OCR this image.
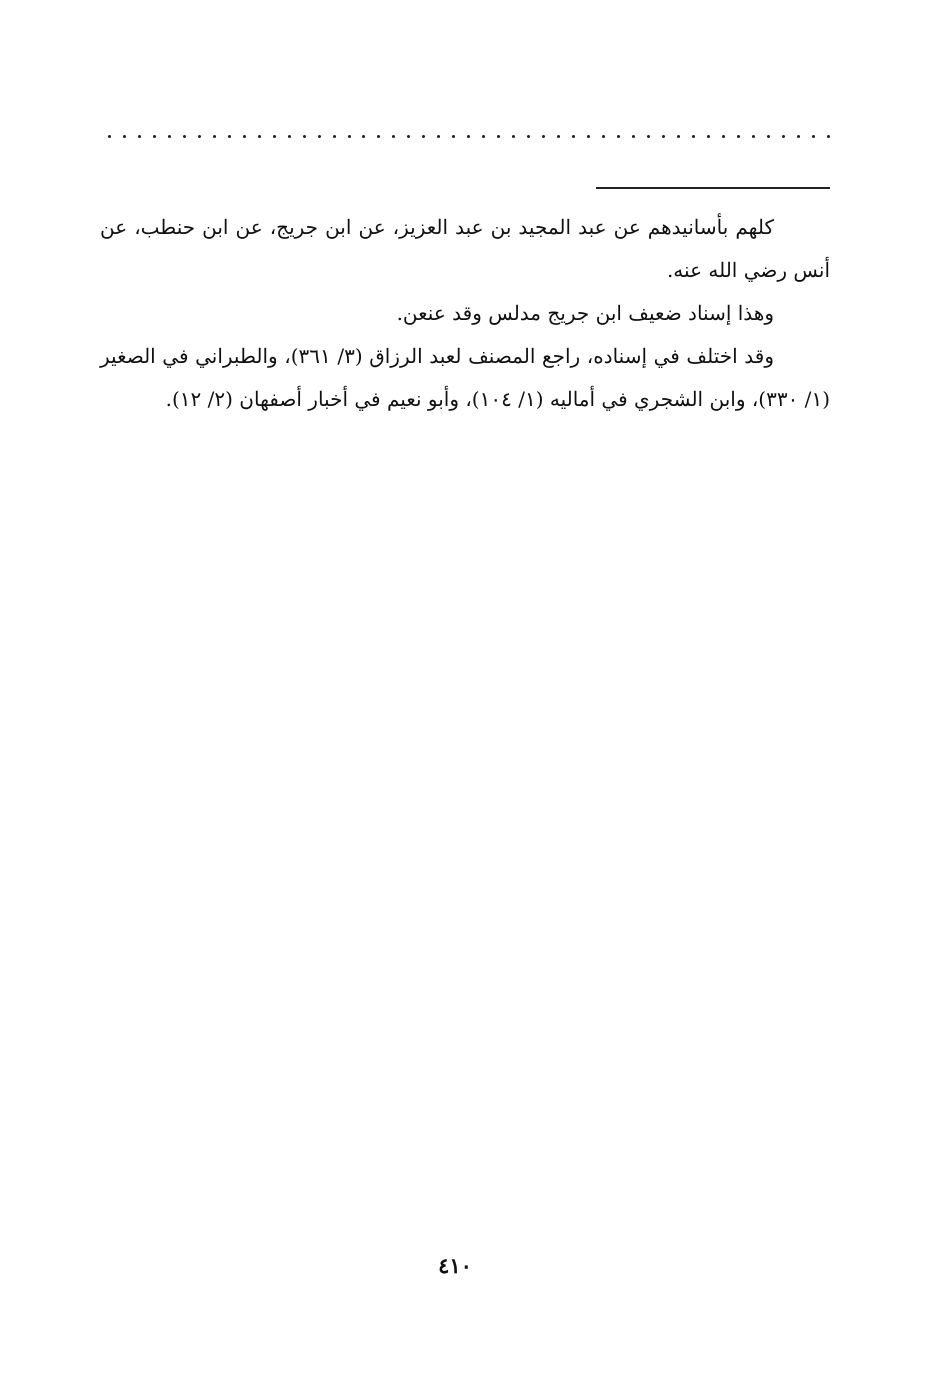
كلهم بأسانيدهم عن عبد المجيد بن عبد العزيز، عن ابن جريج، عن ابن حنطب، عن أنس رضي الله عنه.

وهذا إسناد ضعيف ابن جريج مدلس وقد عنعن.

وقد اختلف في إسناده، راجع المصنف لعبد الرزاق (٣/ ٣٦١)، والطبراني في الصغير (١/ ٣٣٠)، وابن الشجري في أماليه (١/ ١٠٤)، وأبو نعيم في أخبار أصفهان (٢/ ١٢).

٤١٠
